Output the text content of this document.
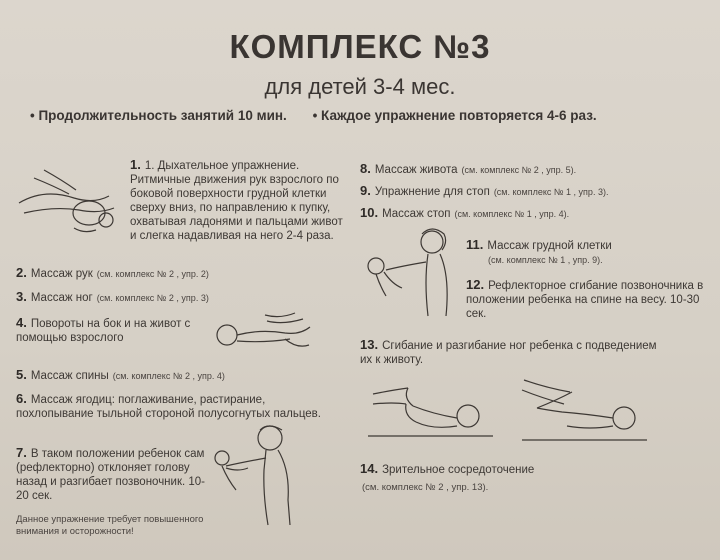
КОМПЛЕКС №3
для детей 3-4 мес.
• Продолжительность занятий 10 мин. • Каждое упражнение повторяется 4-6 раз.
1. 1. Дыхательное упражнение. Ритмичные движения рук взрослого по боковой поверхности грудной клетки сверху вниз, по направлению к пупку, охватывая ладонями и пальцами живот и слегка надавливая на него 2-4 раза.
2. Массаж рук (см. комплекс № 2 , упр. 2)
3. Массаж ног (см. комплекс № 2 , упр. 3)
4. Повороты на бок и на живот с помощью взрослого
5. Массаж спины (см. комплекс № 2 , упр. 4)
6. Массаж ягодиц: поглаживание, растирание, похлопывание тыльной стороной полусогнутых пальцев.
7. В таком положении ребенок сам (рефлекторно) отклоняет голову назад и разгибает позвоночник. 10-20 сек.
Данное упражнение требует повышенного внимания и осторожности!
8. Массаж живота (см. комплекс № 2 , упр. 5).
9. Упражнение для стоп (см. комплекс № 1 , упр. 3).
10. Массаж стоп (см. комплекс № 1 , упр. 4).
11. Массаж грудной клетки
(см. комплекс № 1 , упр. 9).
12. Рефлекторное сгибание позвоночника в положении ребенка на спине на весу. 10-30 сек.
13. Сгибание и разгибание ног ребенка с подведением их к животу.
14. Зрительное сосредоточение
(см. комплекс № 2 , упр. 13).
